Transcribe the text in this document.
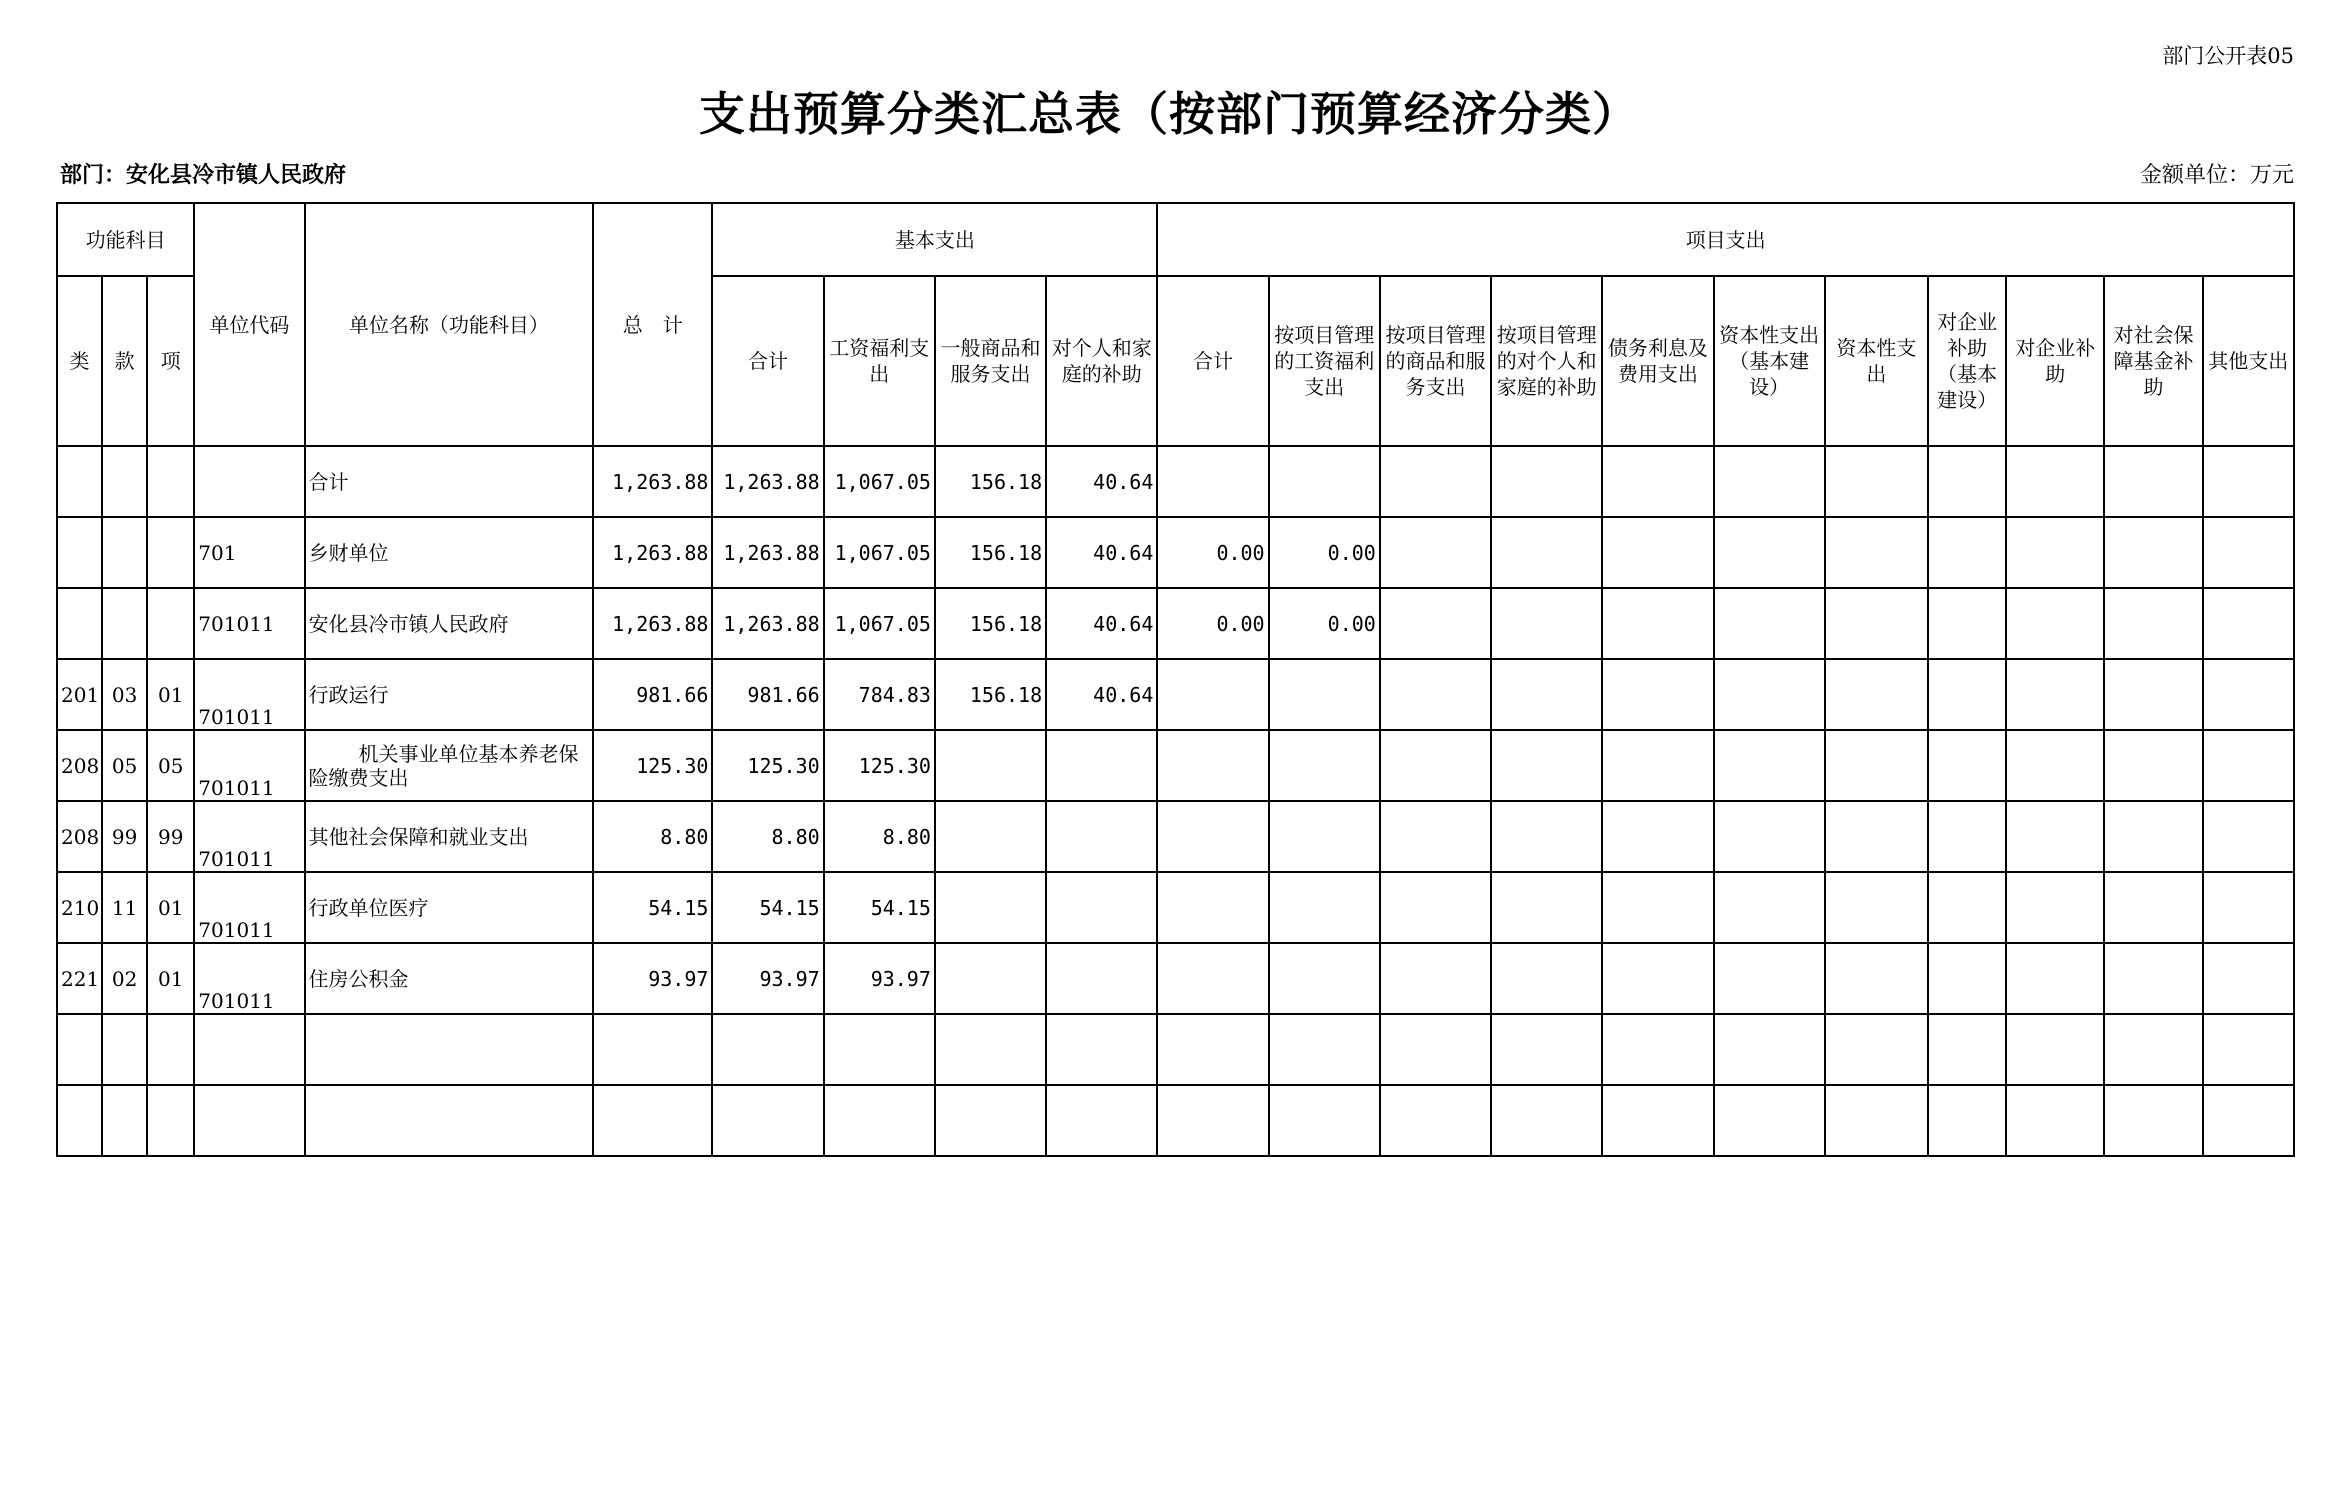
部门公开表05
支出预算分类汇总表（按部门预算经济分类）
部门：安化县冷市镇人民政府	金额单位：万元
功能科目			单位代码	单位名称（功能科目）	总　计	基本支出				项目支出										
类	款	项				合计	工资福利支出	一般商品和服务支出	对个人和家庭的补助	合计	按项目管理的工资福利支出	按项目管理的商品和服务支出	按项目管理的对个人和家庭的补助	债务利息及费用支出	资本性支出（基本建设）	资本性支出	对企业补助（基本建设）	对企业补助	对社会保障基金补助	其他支出
				合计	1,263.88	1,263.88	1,067.05	156.18	40.64											
			701	乡财单位	1,263.88	1,263.88	1,067.05	156.18	40.64	0.00	0.00									
			701011	安化县冷市镇人民政府	1,263.88	1,263.88	1,067.05	156.18	40.64	0.00	0.00									
201	03	01	701011	行政运行	981.66	981.66	784.83	156.18	40.64											
208	05	05	701011	机关事业单位基本养老保险缴费支出	125.30	125.30	125.30													
208	99	99	701011	其他社会保障和就业支出	8.80	8.80	8.80													
210	11	01	701011	行政单位医疗	54.15	54.15	54.15													
221	02	01	701011	住房公积金	93.97	93.97	93.97													
